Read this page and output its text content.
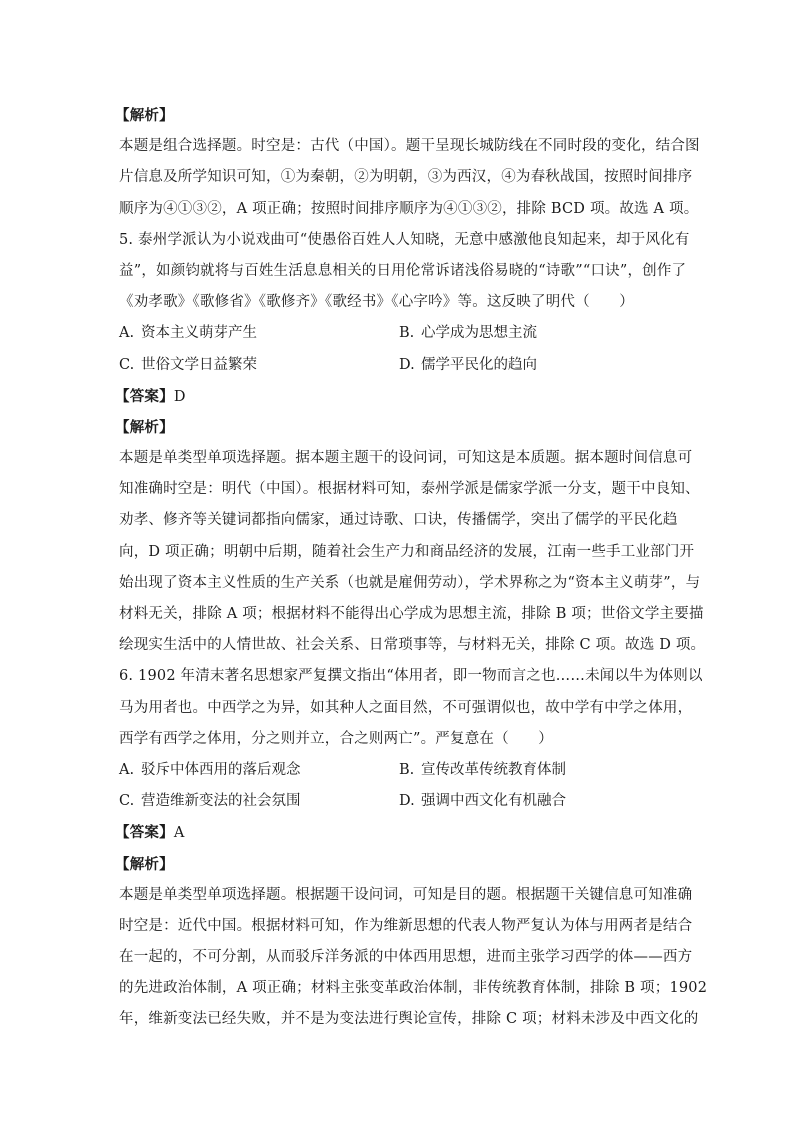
【解析】
本题是组合选择题。时空是：古代（中国）。题干呈现长城防线在不同时段的变化，结合图
片信息及所学知识可知，①为秦朝，②为明朝，③为西汉，④为春秋战国，按照时间排序
顺序为④①③②，A 项正确；按照时间排序顺序为④①③②，排除 BCD 项。故选 A 项。
5. 泰州学派认为小说戏曲可“使愚俗百姓人人知晓，无意中感激他良知起来，却于风化有
益”，如颜钧就将与百姓生活息息相关的日用伦常诉诸浅俗易晓的“诗歌”“口诀”，创作了
《劝孝歌》《歌修省》《歌修齐》《歌经书》《心字吟》等。这反映了明代（　　）
A. 资本主义萌芽产生	B. 心学成为思想主流
C. 世俗文学日益繁荣	D. 儒学平民化的趋向
【答案】D
【解析】
本题是单类型单项选择题。据本题主题干的设问词，可知这是本质题。据本题时间信息可
知准确时空是：明代（中国）。根据材料可知，泰州学派是儒家学派一分支，题干中良知、
劝孝、修齐等关键词都指向儒家，通过诗歌、口诀，传播儒学，突出了儒学的平民化趋
向，D 项正确；明朝中后期，随着社会生产力和商品经济的发展，江南一些手工业部门开
始出现了资本主义性质的生产关系（也就是雇佣劳动），学术界称之为“资本主义萌芽”，与
材料无关，排除 A 项；根据材料不能得出心学成为思想主流，排除 B 项；世俗文学主要描
绘现实生活中的人情世故、社会关系、日常琐事等，与材料无关，排除 C 项。故选 D 项。
6. 1902 年清末著名思想家严复撰文指出“体用者，即一物而言之也……未闻以牛为体则以
马为用者也。中西学之为异，如其种人之面目然，不可强谓似也，故中学有中学之体用，
西学有西学之体用，分之则并立，合之则两亡”。严复意在（　　）
A. 驳斥中体西用的落后观念	B. 宣传改革传统教育体制
C. 营造维新变法的社会氛围	D. 强调中西文化有机融合
【答案】A
【解析】
本题是单类型单项选择题。根据题干设问词，可知是目的题。根据题干关键信息可知准确
时空是：近代中国。根据材料可知，作为维新思想的代表人物严复认为体与用两者是结合
在一起的，不可分割，从而驳斥洋务派的中体西用思想，进而主张学习西学的体——西方
的先进政治体制，A 项正确；材料主张变革政治体制，非传统教育体制，排除 B 项；1902
年，维新变法已经失败，并不是为变法进行舆论宣传，排除 C 项；材料未涉及中西文化的
